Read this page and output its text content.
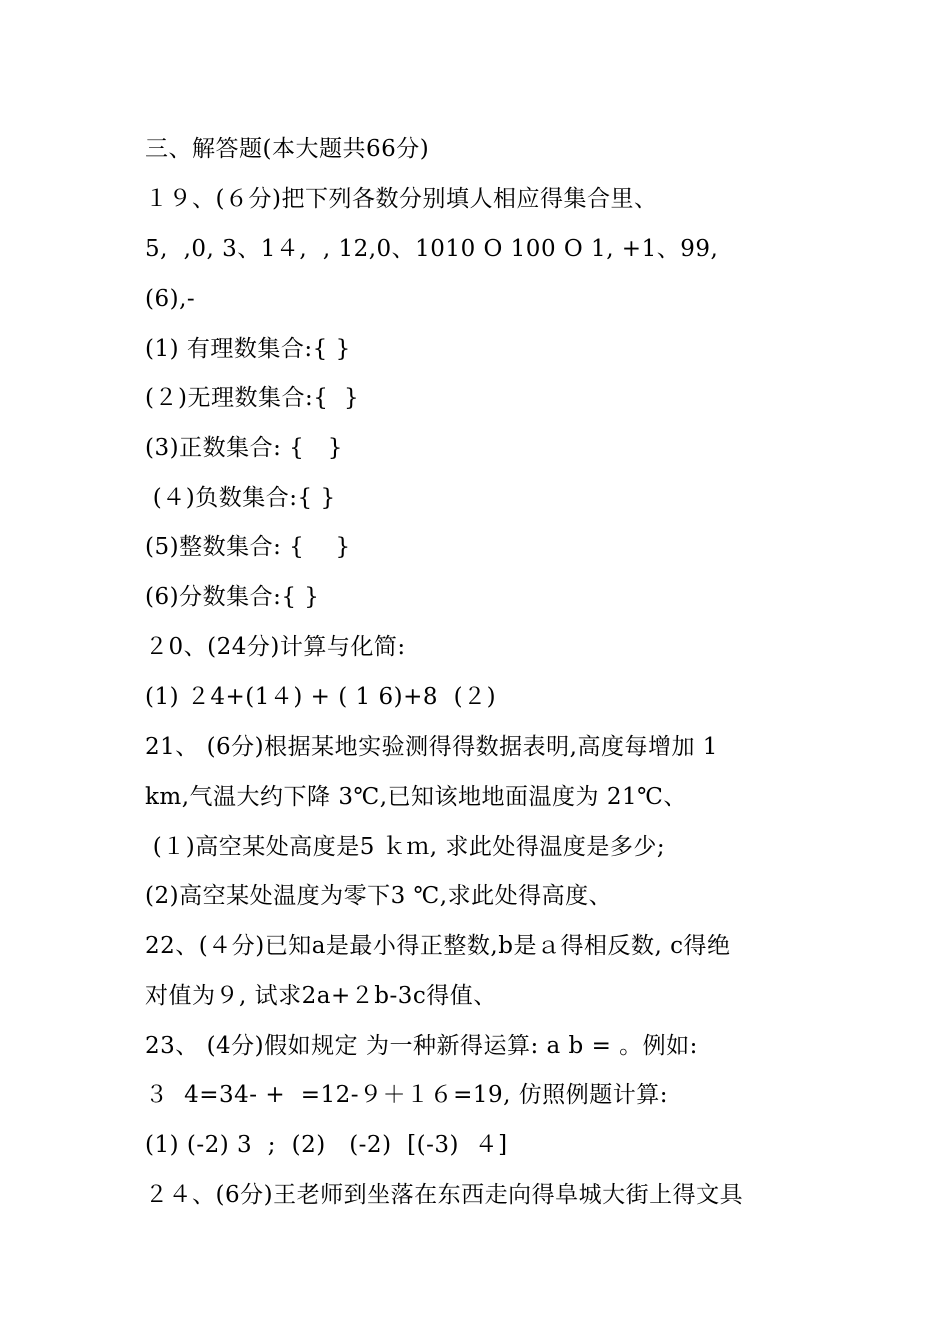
三、解答题(本大题共66分)
１９、(６分)把下列各数分别填人相应得集合里、
5,  ,0, 3、1４,  , 12,0、1010 O 100 O 1, +1、99,
(6),-
(1) 有理数集合:{ }
(２)无理数集合:{  }
(3)正数集合: {   }
(４)负数集合:{ }
(5)整数集合: {    }
(6)分数集合:{ }
２0、(24分)计算与化简:
(1) ２4+(1４) + ( 1 6)+8  (２)
21、 (6分)根据某地实验测得得数据表明,高度每增加 1
km,气温大约下降 3℃,已知该地地面温度为 21℃、
(１)高空某处高度是5 ｋｍ, 求此处得温度是多少;
(2)高空某处温度为零下3 ℃,求此处得高度、
22、(４分)已知a是最小得正整数,b是ａ得相反数, c得绝
对值为９, 试求2a+２b-3c得值、
23、 (4分)假如规定 为一种新得运算: a b = 。例如:
３  4=34- +  =12-９＋１６=19, 仿照例题计算:
(1) (-2) 3  ;  (2)   (-2)  [(-3)  ４]
２４、(6分)王老师到坐落在东西走向得阜城大街上得文具
